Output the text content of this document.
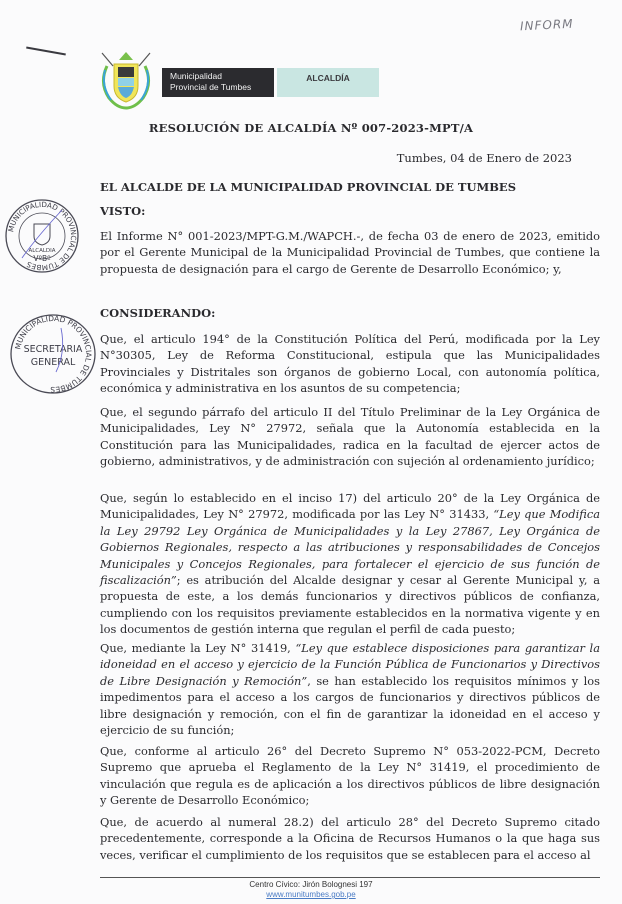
INFORM
Municipalidad
Provincial de Tumbes
ALCALDÍA
RESOLUCIÓN DE ALCALDÍA Nº 007-2023-MPT/A
Tumbes, 04 de Enero de 2023
EL ALCALDE DE LA MUNICIPALIDAD PROVINCIAL DE TUMBES
MUNICIPALIDAD PROVINCIAL DE TUMBES
ALCALDIA
VºBº
VISTO:

El Informe N° 001-2023/MPT-G.M./WAPCH.-, de fecha 03 de enero de 2023, emitido por el Gerente Municipal de la Municipalidad Provincial de Tumbes, que contiene la propuesta de designación para el cargo de Gerente de Desarrollo Económico; y,

MUNICIPALIDAD PROVINCIAL DE TUMBES
SECRETARIA
GENERAL
CONSIDERANDO:

Que, el articulo 194° de la Constitución Política del Perú, modificada por la Ley N°30305, Ley de Reforma Constitucional, estipula que las Municipalidades Provinciales y Distritales son órganos de gobierno Local, con autonomía política, económica y administrativa en los asuntos de su competencia;

Que, el segundo párrafo del articulo II del Título Preliminar de la Ley Orgánica de Municipalidades, Ley N° 27972, señala que la Autonomía establecida en la Constitución para las Municipalidades, radica en la facultad de ejercer actos de gobierno, administrativos, y de administración con sujeción al ordenamiento jurídico;

Que, según lo establecido en el inciso 17) del articulo 20° de la Ley Orgánica de Municipalidades, Ley N° 27972, modificada por las Ley N° 31433, “Ley que Modifica la Ley 29792 Ley Orgánica de Municipalidades y la Ley 27867, Ley Orgánica de Gobiernos Regionales, respecto a las atribuciones y responsabilidades de Concejos Municipales y Concejos Regionales, para fortalecer el ejercicio de sus función de fiscalización”; es atribución del Alcalde designar y cesar al Gerente Municipal y, a propuesta de este, a los demás funcionarios y directivos públicos de confianza, cumpliendo con los requisitos previamente establecidos en la normativa vigente y en los documentos de gestión interna que regulan el perfil de cada puesto;

Que, mediante la Ley N° 31419, “Ley que establece disposiciones para garantizar la idoneidad en el acceso y ejercicio de la Función Pública de Funcionarios y Directivos de Libre Designación y Remoción”, se han establecido los requisitos mínimos y los impedimentos para el acceso a los cargos de funcionarios y directivos públicos de libre designación y remoción, con el fin de garantizar la idoneidad en el acceso y ejercicio de su función;

Que, conforme al articulo 26° del Decreto Supremo N° 053-2022-PCM, Decreto Supremo que aprueba el Reglamento de la Ley N° 31419, el procedimiento de vinculación que regula es de aplicación a los directivos públicos de libre designación y Gerente de Desarrollo Económico;

Que, de acuerdo al numeral 28.2) del articulo 28° del Decreto Supremo citado precedentemente, corresponde a la Oficina de Recursos Humanos o la que haga sus veces, verificar el cumplimiento de los requisitos que se establecen para el acceso al

Centro Cívico: Jirón Bolognesi 197
www.munitumbes.gob.pe
